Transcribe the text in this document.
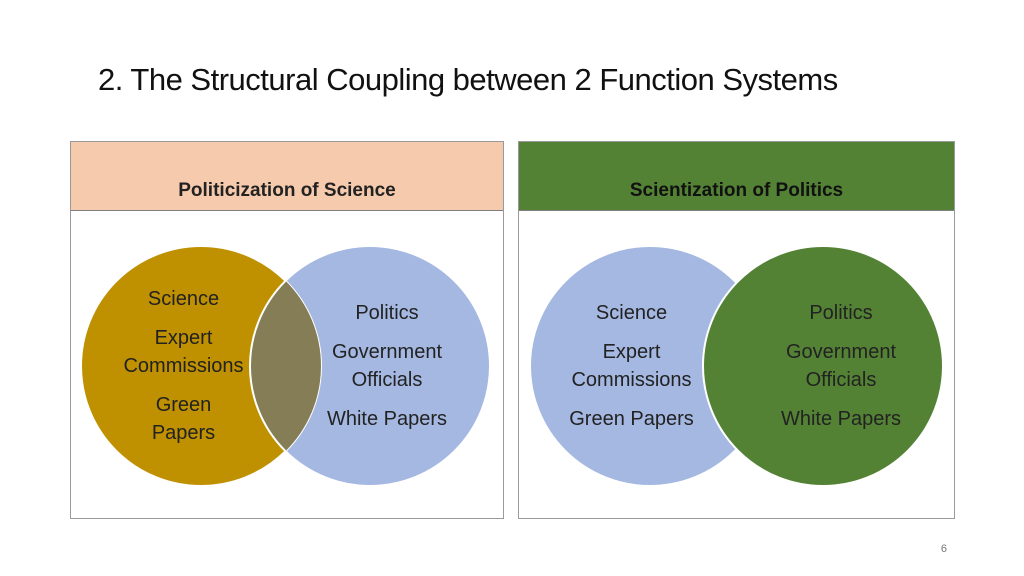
2. The Structural Coupling between 2 Function Systems
Politicization of Science
Science
Expert
Commissions
Green
Papers
Politics
Government
Officials
White Papers
Scientization of Politics
Science
Expert
Commissions
Green Papers
Politics
Government
Officials
White Papers
6
